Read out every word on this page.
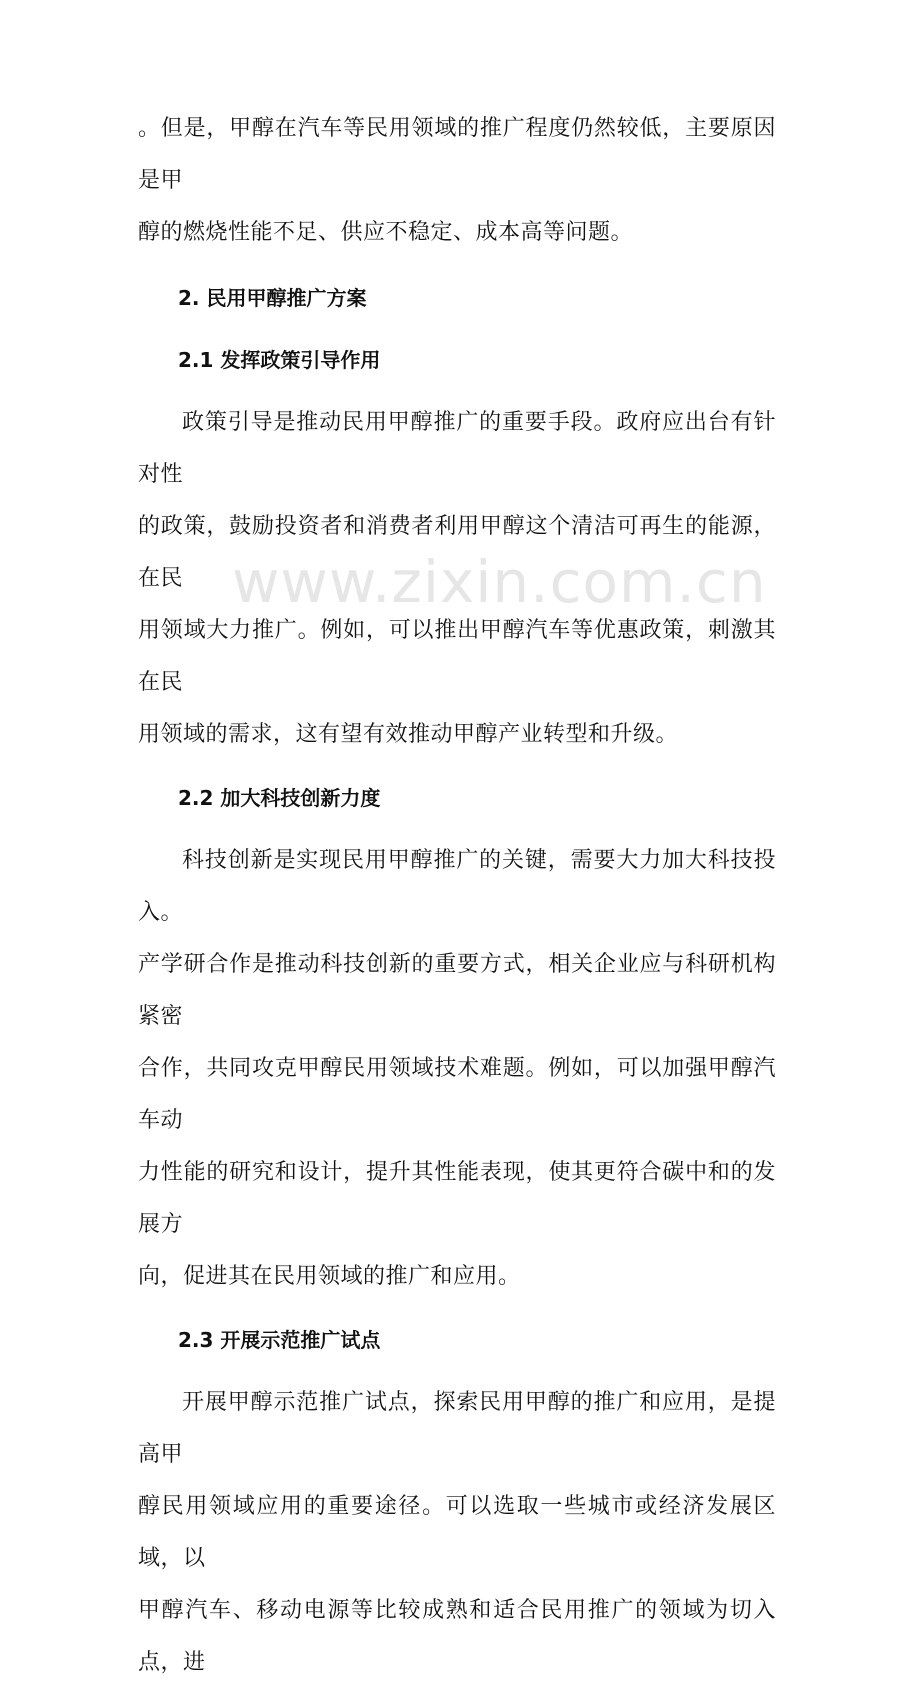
www.zixin.com.cn

。但是，甲醇在汽车等民用领域的推广程度仍然较低，主要原因是甲
醇的燃烧性能不足、供应不稳定、成本高等问题。

2. 民用甲醇推广方案
2.1 发挥政策引导作用

政策引导是推动民用甲醇推广的重要手段。政府应出台有针对性
的政策，鼓励投资者和消费者利用甲醇这个清洁可再生的能源，在民
用领域大力推广。例如，可以推出甲醇汽车等优惠政策，刺激其在民
用领域的需求，这有望有效推动甲醇产业转型和升级。

2.2 加大科技创新力度

科技创新是实现民用甲醇推广的关键，需要大力加大科技投入。
产学研合作是推动科技创新的重要方式，相关企业应与科研机构紧密
合作，共同攻克甲醇民用领域技术难题。例如，可以加强甲醇汽车动
力性能的研究和设计，提升其性能表现，使其更符合碳中和的发展方
向，促进其在民用领域的推广和应用。

2.3 开展示范推广试点

开展甲醇示范推广试点，探索民用甲醇的推广和应用，是提高甲
醇民用领域应用的重要途径。可以选取一些城市或经济发展区域，以
甲醇汽车、移动电源等比较成熟和适合民用推广的领域为切入点，进
